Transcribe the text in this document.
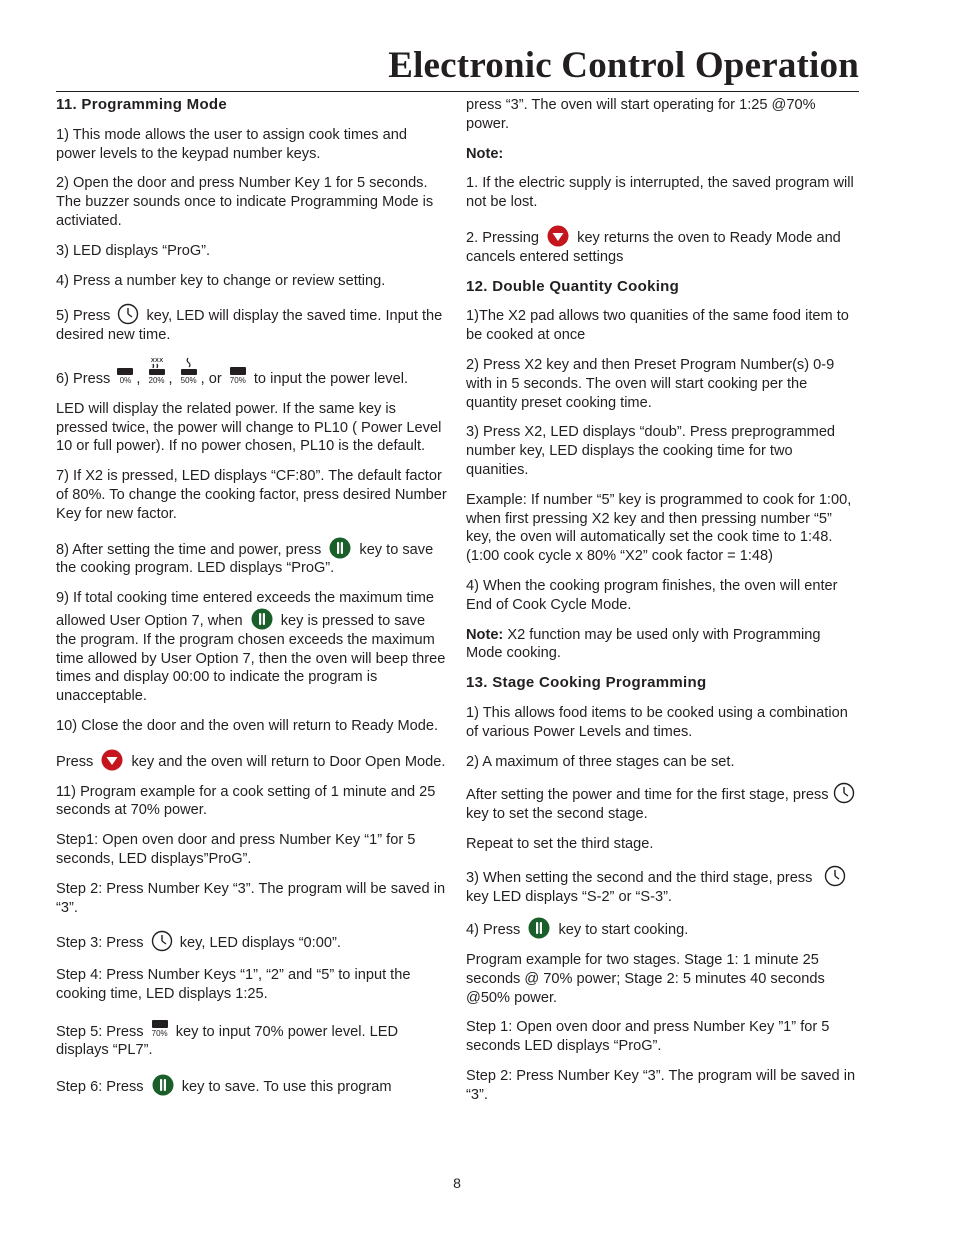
Electronic Control Operation
11. Programming Mode

1) This mode allows the user to assign cook times and power levels to the keypad number keys.

2) Open the door and press Number Key 1 for 5 seconds. The buzzer sounds once to indicate Programming Mode is activiated.

3) LED displays “ProG”.

4) Press a number key to change or review setting.

5) Press key, LED will display the saved time. Input the desired new time.

6) Press	0% ,
xxx
20% , 50% , or 70% to input the power level.

LED will display the related power. If the same key is pressed twice, the power will change to PL10 ( Power Level 10 or full power). If no power chosen, PL10 is the default.

7) If X2 is pressed, LED displays “CF:80”. The default factor of 80%. To change the cooking factor, press desired Number Key for new factor.

8) After setting the time and power, press	key to save the cooking program. LED displays “ProG”.

9) If total cooking time entered exceeds the maximum time allowed User Option 7, when	key is pressed to save the program. If the program chosen exceeds the maximum time allowed by User Option 7, then the oven will beep three times and display 00:00 to indicate the program is unacceptable.

10) Close the door and the oven will return to Ready Mode.

Press	key and the oven will return to Door Open Mode.

11) Program example for a cook setting of 1 minute and 25 seconds at 70% power.

Step1: Open oven door and press Number Key “1” for 5 seconds, LED displays”ProG”.

Step 2: Press Number Key “3”. The program will be saved in “3”.

Step 3: Press key, LED displays “0:00”.

Step 4: Press Number Keys “1”, “2” and “5” to input the cooking time, LED displays 1:25.

Step 5: Press 70% key to input 70% power level. LED displays “PL7”.

Step 6: Press	key to save. To use this program

press “3”. The oven will start operating for 1:25 @70% power.

Note:

1. If the electric supply is interrupted, the saved program will not be lost.

2. Pressing	key returns the oven to Ready Mode and cancels entered settings

12. Double Quantity Cooking

1)The X2 pad allows two quanities of the same food item to be cooked at once

2) Press X2 key and then Preset Program Number(s) 0-9 with in 5 seconds. The oven will start cooking per the quantity preset cooking time.

3) Press X2, LED displays “doub”. Press preprogrammed number key, LED displays the cooking time for two quanities.

Example: If number “5” key is programmed to cook for 1:00, when first pressing X2 key and then pressing number “5” key, the oven will automatically set the cook time to 1:48. (1:00 cook cycle x 80% “X2” cook factor = 1:48)

4) When the cooking program finishes, the oven will enter End of Cook Cycle Mode.

Note: X2 function may be used only with Programming Mode cooking.

13. Stage Cooking Programming

1) This allows food items to be cooked using a combination of various Power Levels and times.

2) A maximum of three stages can be set.

After setting the power and time for the first stage, press  key to set the second stage.

Repeat to set the third stage.

3) When setting the second and the third stage, press  key LED displays “S-2” or “S-3”.

4) Press	key to start cooking.

Program example for two stages. Stage 1: 1 minute 25 seconds @ 70% power; Stage 2: 5 minutes 40 seconds @50% power.

Step 1: Open oven door and press Number Key ”1” for 5 seconds LED displays “ProG”.

Step 2: Press Number Key “3”. The program will be saved in “3”.

8
